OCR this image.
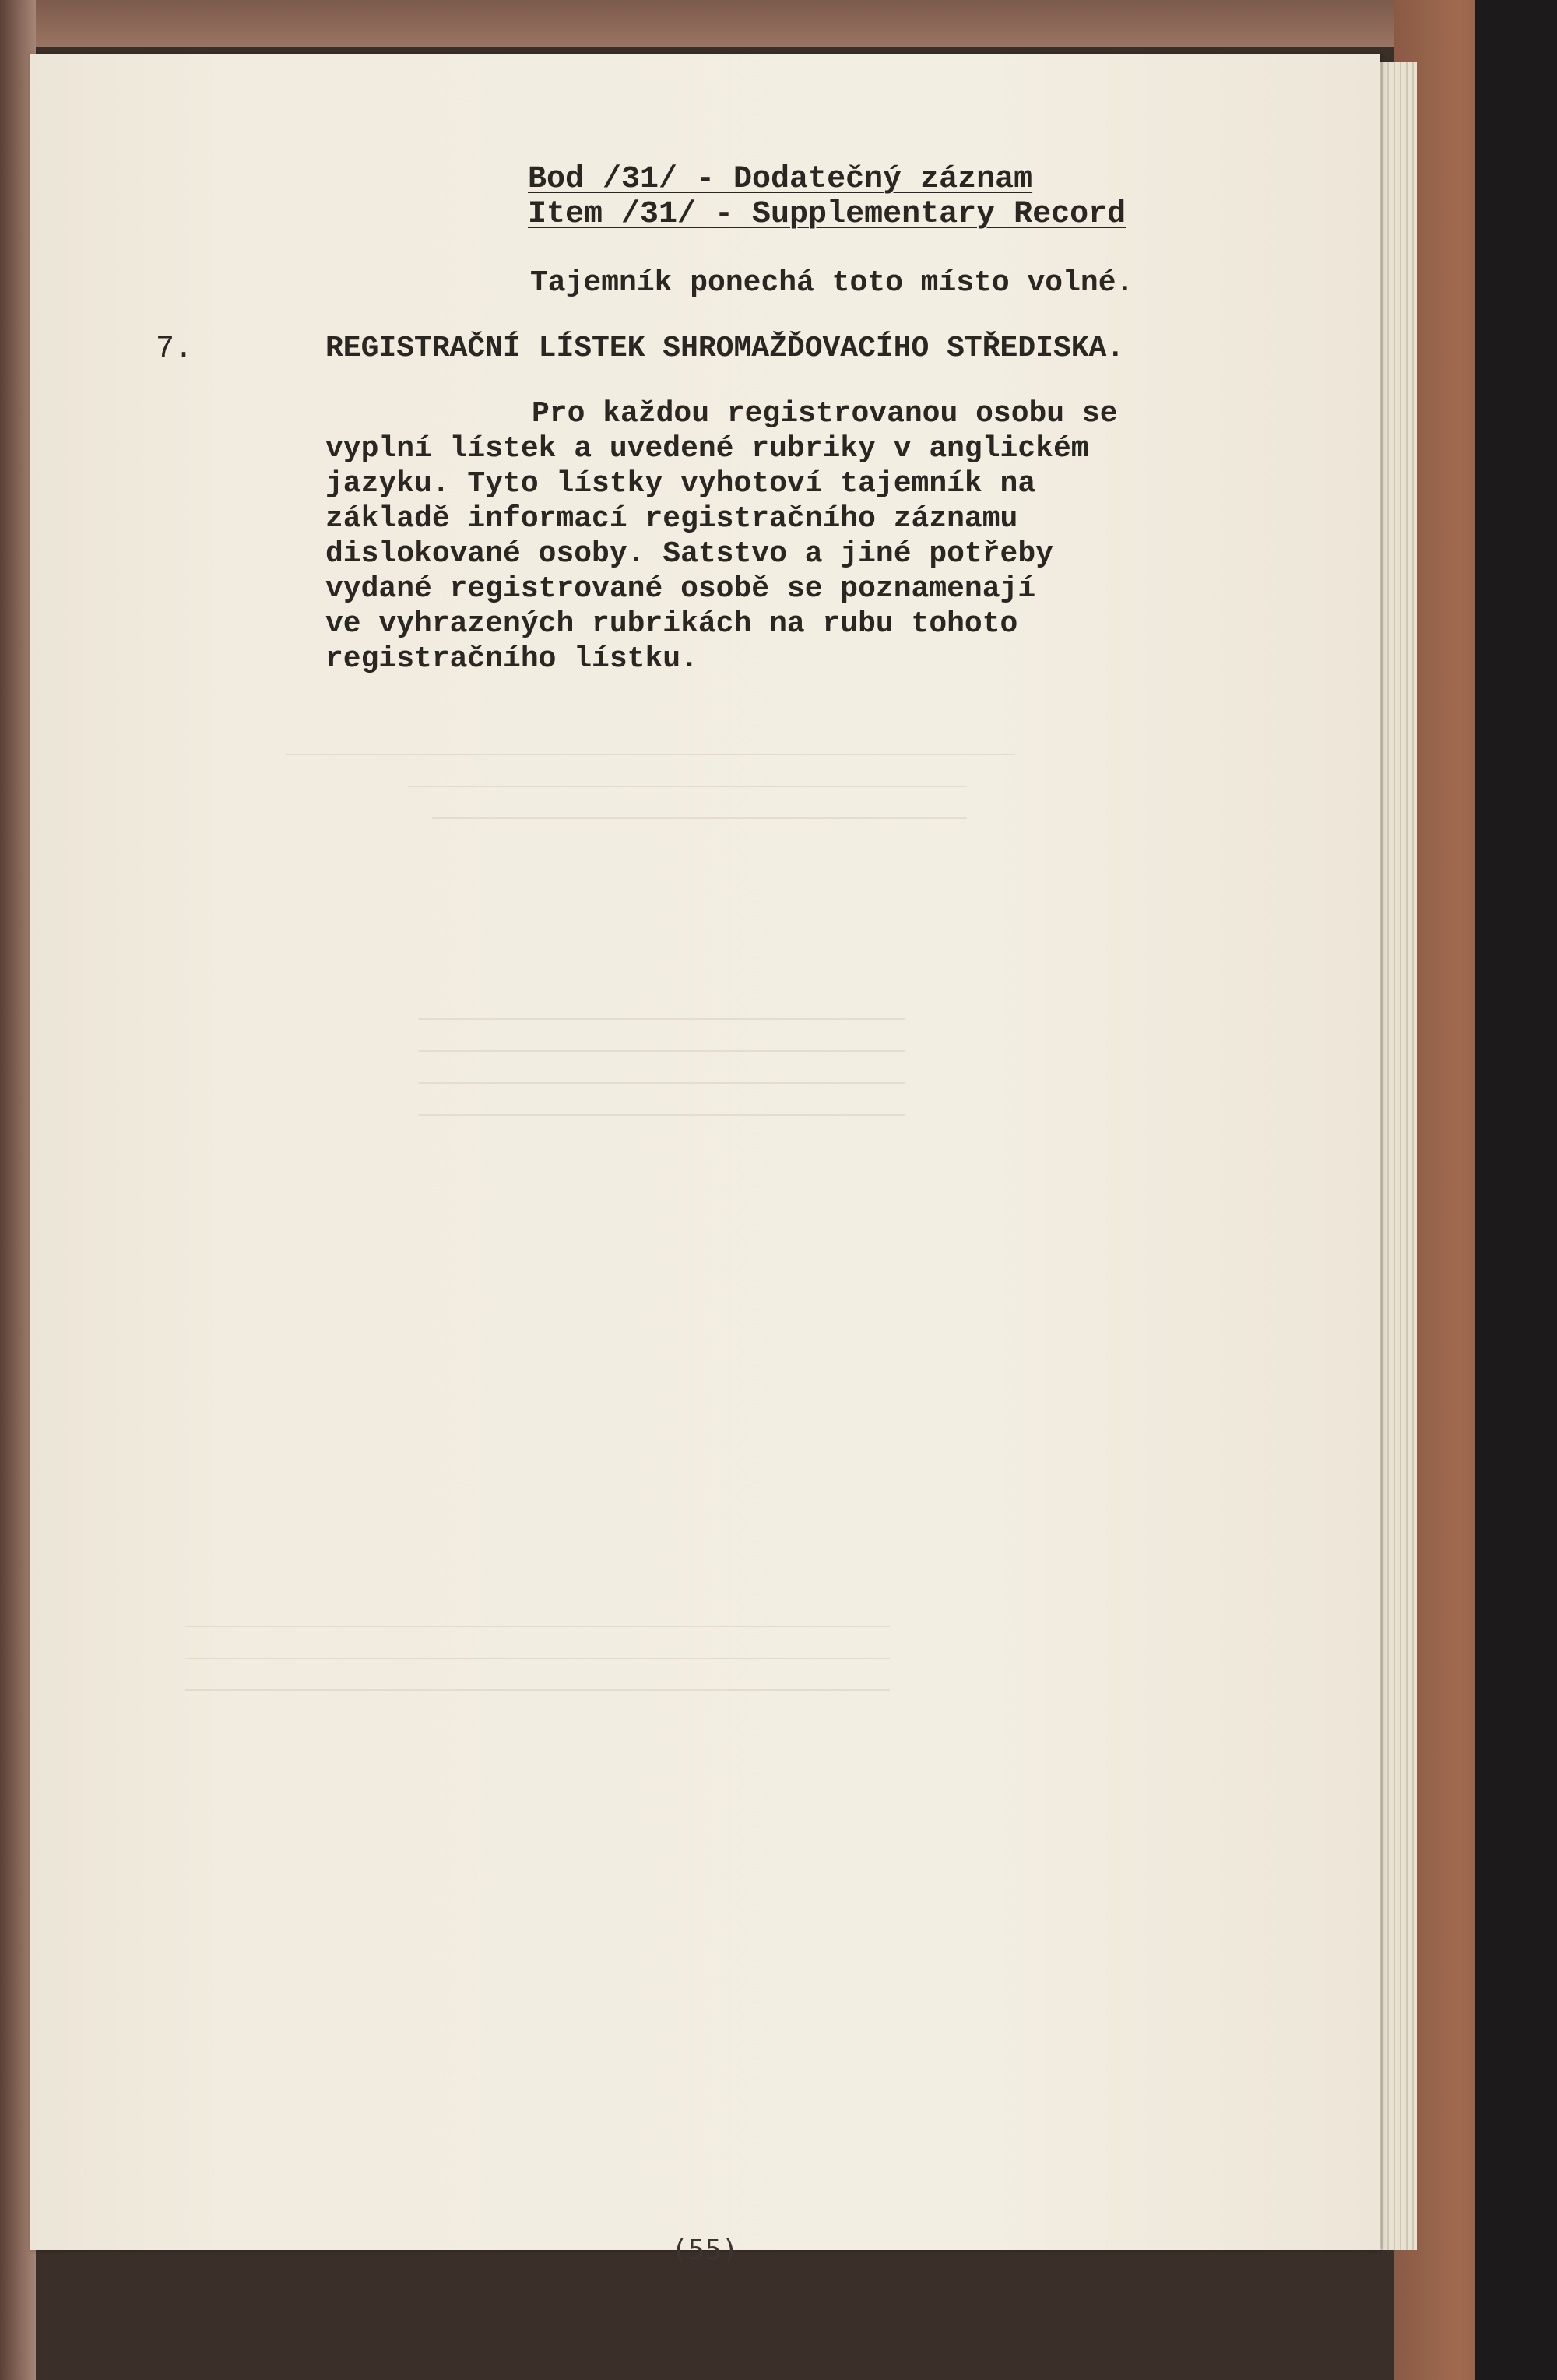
────────────────────────────────────────────────────────────
──────────────────────────────────────────────
────────────────────────────────────────────
────────────────────────────────────────
────────────────────────────────────────
────────────────────────────────────────
────────────────────────────────────────
──────────────────────────────────────────────────────────
──────────────────────────────────────────────────────────
──────────────────────────────────────────────────────────
Bod /31/ - Dodatečný záznam
Item /31/ - Supplementary Record
Tajemník ponechá toto místo volné.
7.	REGISTRAČNÍ LÍSTEK SHROMAŽĎOVACÍHO STŘEDISKA.
Pro každou registrovanou osobu se
vyplní lístek a uvedené rubriky v anglickém
jazyku. Tyto lístky vyhotoví tajemník na
základě informací registračního záznamu
dislokované osoby. Satstvo a jiné potřeby
vydané registrované osobě se poznamenají
ve vyhrazených rubrikách na rubu tohoto
registračního lístku.
(55)
